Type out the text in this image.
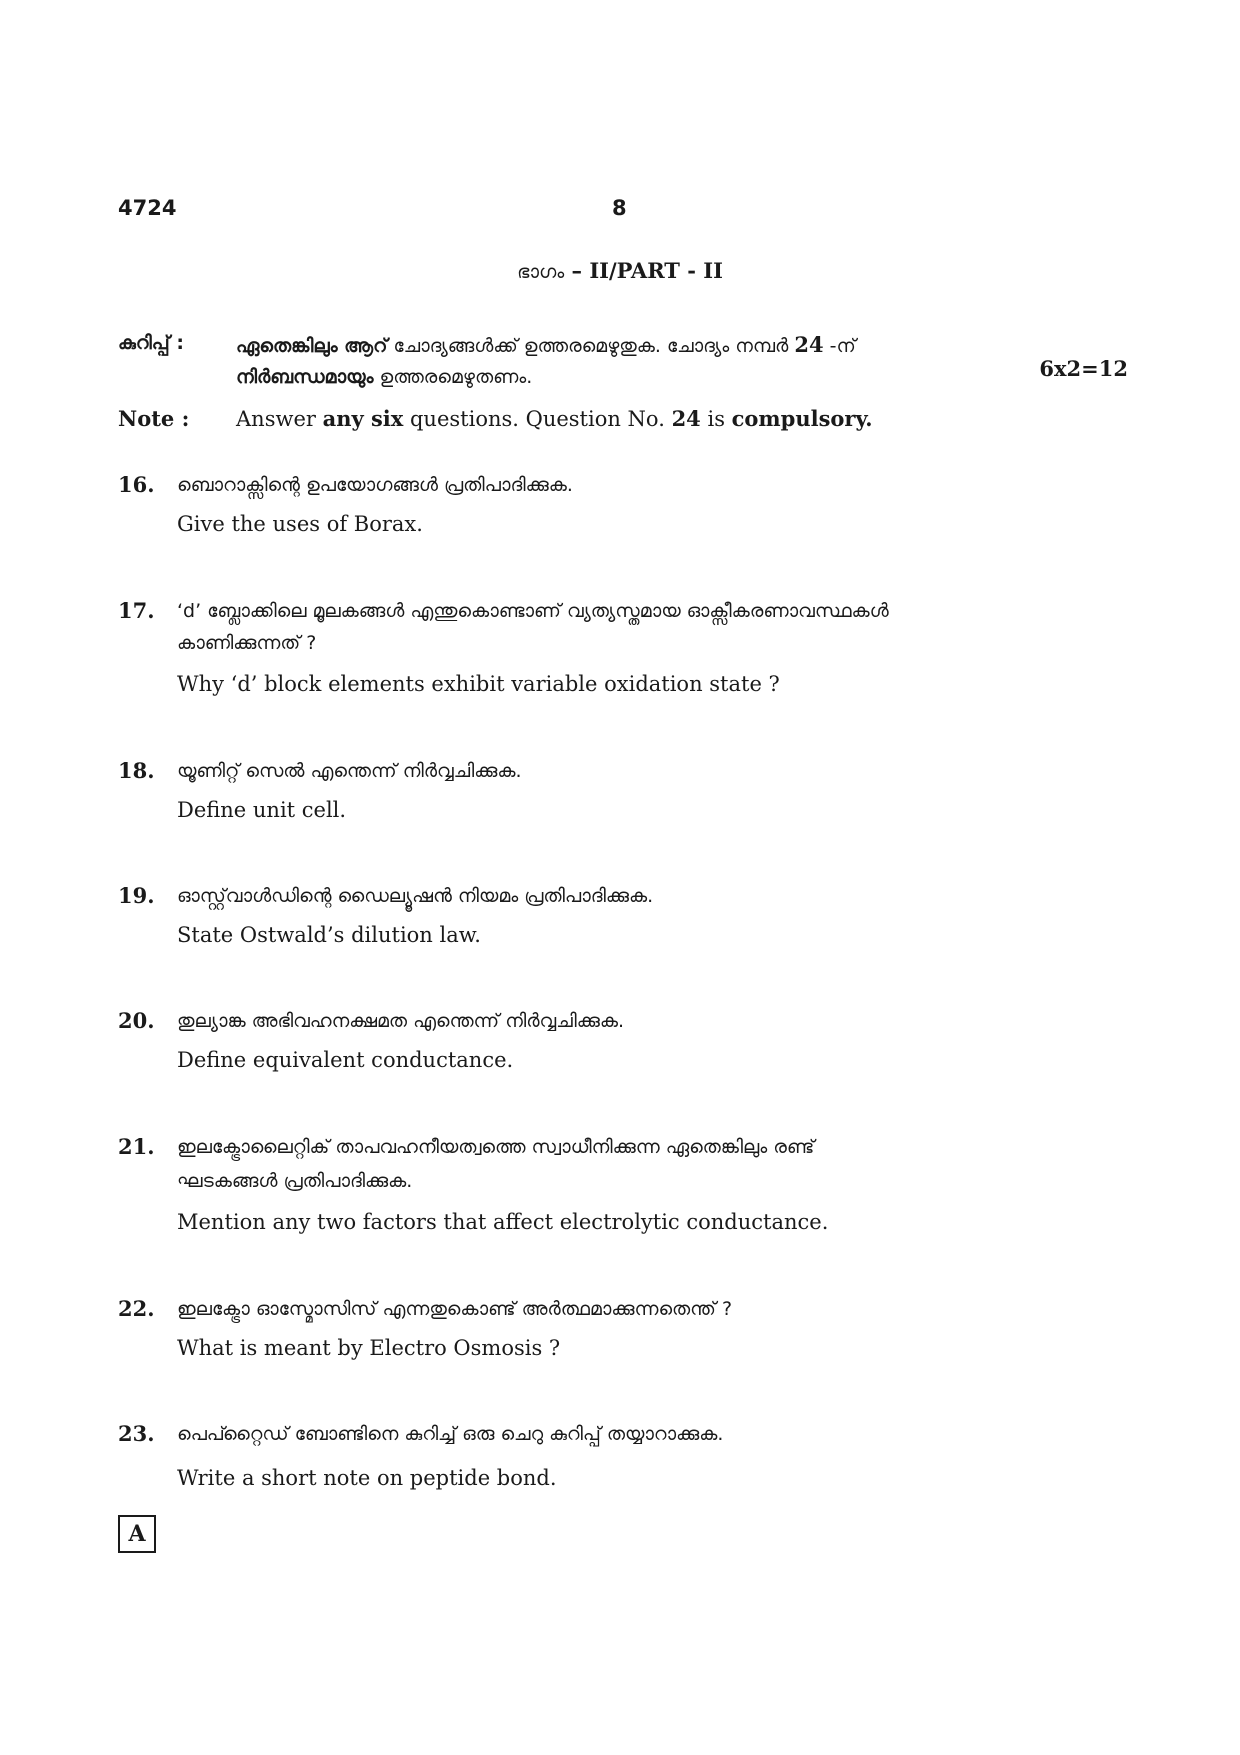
4724	8
ഭാഗം – II/PART - II
കുറിപ്പ് :	ഏതെങ്കിലും ആറ് ചോദ്യങ്ങൾക്ക് ഉത്തരമെഴുതുക. ചോദ്യം നമ്പർ 24 -ന്
നിർബന്ധമായും ഉത്തരമെഴുതണം.	6x2=12
Note : Answer any six questions. Question No. 24 is compulsory.
16. ബൊറാക്സിന്റെ ഉപയോഗങ്ങൾ പ്രതിപാദിക്കുക.
Give the uses of Borax.
17. ‘d’ ബ്ലോക്കിലെ മൂലകങ്ങൾ എന്തുകൊണ്ടാണ് വ്യത്യസ്തമായ ഓക്സീകരണാവസ്ഥകൾ
കാണിക്കുന്നത് ?
Why ‘d’ block elements exhibit variable oxidation state ?
18. യൂണിറ്റ് സെൽ എന്തെന്ന് നിർവ്വചിക്കുക.
Define unit cell.
19. ഓസ്റ്റ്‌വാൾഡിന്റെ ഡൈല്യൂഷൻ നിയമം പ്രതിപാദിക്കുക.
State Ostwald’s dilution law.
20. തുല്യാങ്ക അഭിവഹനക്ഷമത എന്തെന്ന് നിർവ്വചിക്കുക.
Define equivalent conductance.
21. ഇലക്ട്രോലൈറ്റിക് താപവഹനീയത്വത്തെ സ്വാധീനിക്കുന്ന ഏതെങ്കിലും രണ്ട്
ഘടകങ്ങൾ പ്രതിപാദിക്കുക.
Mention any two factors that affect electrolytic conductance.
22. ഇലക്ട്രോ ഓസ്മോസിസ് എന്നതുകൊണ്ട് അർത്ഥമാക്കുന്നതെന്ത് ?
What is meant by Electro Osmosis ?
23. പെപ്റ്റൈഡ് ബോണ്ടിനെ കുറിച്ച് ഒരു ചെറു കുറിപ്പ് തയ്യാറാക്കുക.
Write a short note on peptide bond.
A
